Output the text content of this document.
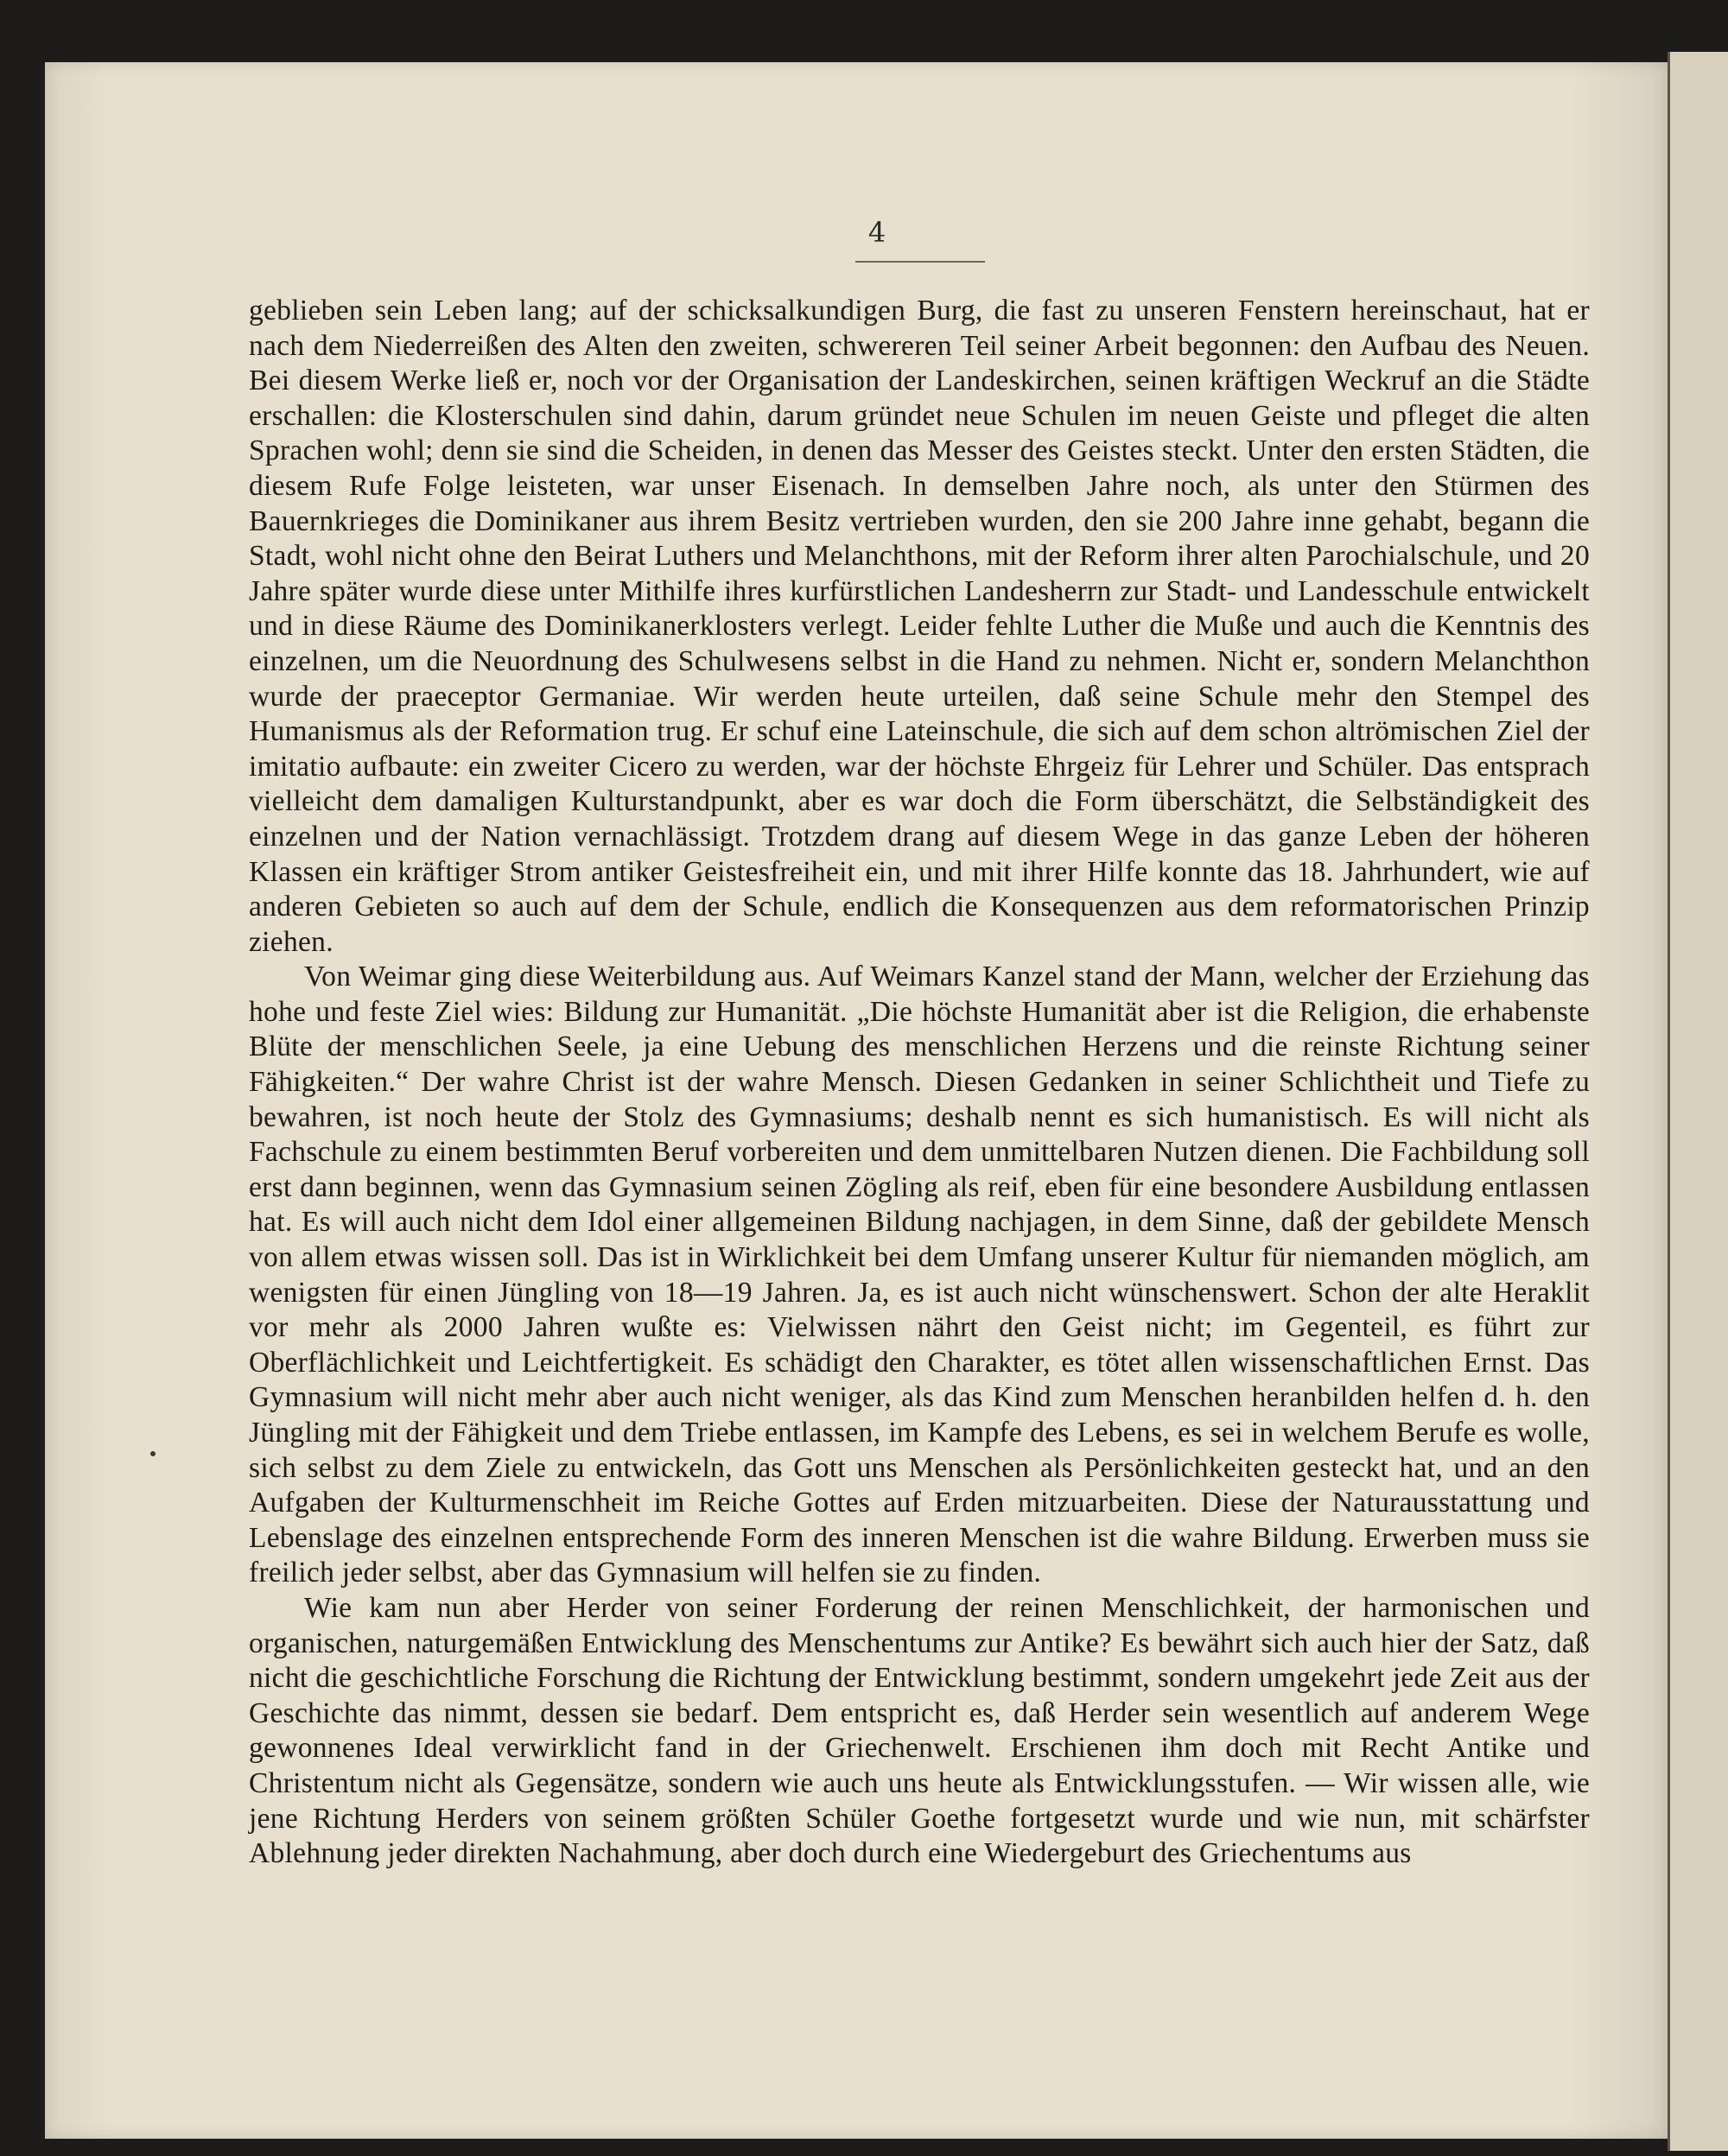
4

geblieben sein Leben lang; auf der schicksalkundigen Burg, die fast zu unseren Fenstern hereinschaut, hat er nach dem Niederreißen des Alten den zweiten, schwereren Teil seiner Arbeit begonnen: den Aufbau des Neuen. Bei diesem Werke ließ er, noch vor der Organisation der Landeskirchen, seinen kräftigen Weckruf an die Städte erschallen: die Klosterschulen sind dahin, darum gründet neue Schulen im neuen Geiste und pfleget die alten Sprachen wohl; denn sie sind die Scheiden, in denen das Messer des Geistes steckt. Unter den ersten Städten, die diesem Rufe Folge leisteten, war unser Eisenach. In demselben Jahre noch, als unter den Stürmen des Bauernkrieges die Dominikaner aus ihrem Besitz vertrieben wurden, den sie 200 Jahre inne gehabt, begann die Stadt, wohl nicht ohne den Beirat Luthers und Melanchthons, mit der Reform ihrer alten Parochialschule, und 20 Jahre später wurde diese unter Mithilfe ihres kurfürstlichen Landesherrn zur Stadt- und Landesschule entwickelt und in diese Räume des Dominikanerklosters verlegt. Leider fehlte Luther die Muße und auch die Kenntnis des einzelnen, um die Neuordnung des Schulwesens selbst in die Hand zu nehmen. Nicht er, sondern Melanchthon wurde der praeceptor Germaniae. Wir werden heute urteilen, daß seine Schule mehr den Stempel des Humanismus als der Reformation trug. Er schuf eine Lateinschule, die sich auf dem schon altrömischen Ziel der imitatio aufbaute: ein zweiter Cicero zu werden, war der höchste Ehrgeiz für Lehrer und Schüler. Das entsprach vielleicht dem damaligen Kulturstandpunkt, aber es war doch die Form überschätzt, die Selbständigkeit des einzelnen und der Nation vernachlässigt. Trotzdem drang auf diesem Wege in das ganze Leben der höheren Klassen ein kräftiger Strom antiker Geistesfreiheit ein, und mit ihrer Hilfe konnte das 18. Jahrhundert, wie auf anderen Gebieten so auch auf dem der Schule, endlich die Konsequenzen aus dem reformatorischen Prinzip ziehen.

Von Weimar ging diese Weiterbildung aus. Auf Weimars Kanzel stand der Mann, welcher der Erziehung das hohe und feste Ziel wies: Bildung zur Humanität. „Die höchste Humanität aber ist die Religion, die erhabenste Blüte der menschlichen Seele, ja eine Uebung des menschlichen Herzens und die reinste Richtung seiner Fähigkeiten.“ Der wahre Christ ist der wahre Mensch. Diesen Gedanken in seiner Schlichtheit und Tiefe zu bewahren, ist noch heute der Stolz des Gymnasiums; deshalb nennt es sich humanistisch. Es will nicht als Fachschule zu einem bestimmten Beruf vorbereiten und dem unmittelbaren Nutzen dienen. Die Fachbildung soll erst dann beginnen, wenn das Gymnasium seinen Zögling als reif, eben für eine besondere Ausbildung entlassen hat. Es will auch nicht dem Idol einer allgemeinen Bildung nachjagen, in dem Sinne, daß der gebildete Mensch von allem etwas wissen soll. Das ist in Wirklichkeit bei dem Umfang unserer Kultur für niemanden möglich, am wenigsten für einen Jüngling von 18—19 Jahren. Ja, es ist auch nicht wünschenswert. Schon der alte Heraklit vor mehr als 2000 Jahren wußte es: Vielwissen nährt den Geist nicht; im Gegenteil, es führt zur Oberflächlichkeit und Leichtfertigkeit. Es schädigt den Charakter, es tötet allen wissenschaftlichen Ernst. Das Gymnasium will nicht mehr aber auch nicht weniger, als das Kind zum Menschen heranbilden helfen d. h. den Jüngling mit der Fähigkeit und dem Triebe entlassen, im Kampfe des Lebens, es sei in welchem Berufe es wolle, sich selbst zu dem Ziele zu entwickeln, das Gott uns Menschen als Persönlichkeiten gesteckt hat, und an den Aufgaben der Kulturmenschheit im Reiche Gottes auf Erden mitzuarbeiten. Diese der Naturausstattung und Lebenslage des einzelnen entsprechende Form des inneren Menschen ist die wahre Bildung. Erwerben muss sie freilich jeder selbst, aber das Gymnasium will helfen sie zu finden.

Wie kam nun aber Herder von seiner Forderung der reinen Menschlichkeit, der harmonischen und organischen, naturgemäßen Entwicklung des Menschentums zur Antike? Es bewährt sich auch hier der Satz, daß nicht die geschichtliche Forschung die Richtung der Entwicklung bestimmt, sondern umgekehrt jede Zeit aus der Geschichte das nimmt, dessen sie bedarf. Dem entspricht es, daß Herder sein wesentlich auf anderem Wege gewonnenes Ideal verwirklicht fand in der Griechenwelt. Erschienen ihm doch mit Recht Antike und Christentum nicht als Gegensätze, sondern wie auch uns heute als Entwicklungsstufen. — Wir wissen alle, wie jene Richtung Herders von seinem größten Schüler Goethe fortgesetzt wurde und wie nun, mit schärfster Ablehnung jeder direkten Nachahmung, aber doch durch eine Wiedergeburt des Griechentums aus
